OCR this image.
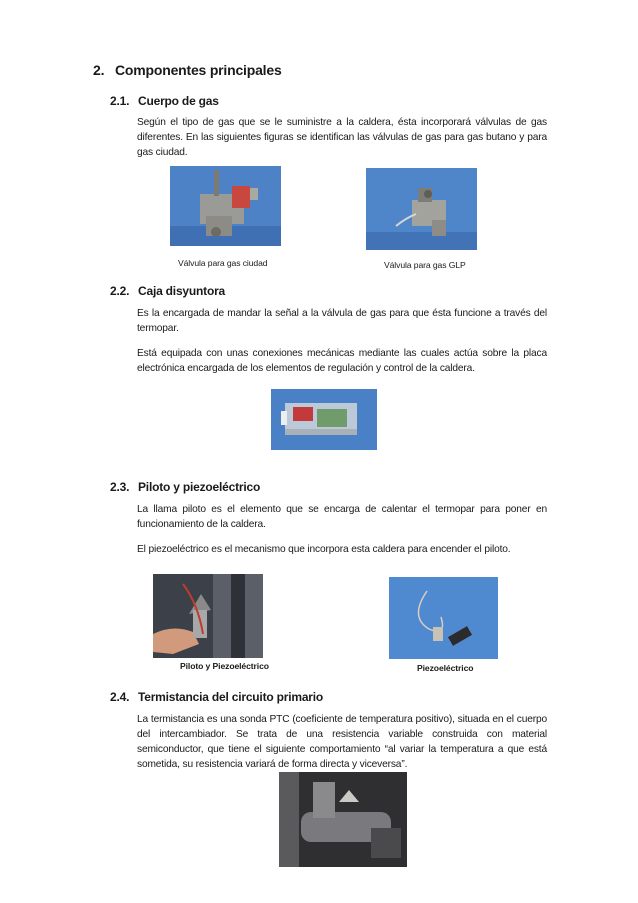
2. Componentes principales
2.1. Cuerpo de gas
Según el tipo de gas que se le suministre a la caldera, ésta incorporará válvulas de gas diferentes. En las siguientes figuras se identifican las válvulas de gas para gas butano y para gas ciudad.
Válvula para gas ciudad	Válvula para gas GLP
2.2. Caja disyuntora
Es la encargada de mandar la señal a la válvula de gas para que ésta funcione a través del termopar.
Está equipada con unas conexiones mecánicas mediante las cuales actúa sobre la placa electrónica encargada de los elementos de regulación y control de la caldera.
2.3. Piloto y piezoeléctrico
La llama piloto es el elemento que se encarga de calentar el termopar para poner en funcionamiento de la caldera.
El piezoeléctrico es el mecanismo que incorpora esta caldera para encender el piloto.
Piloto y Piezoeléctrico	Piezoeléctrico
2.4. Termistancia del circuito primario
La termistancia es una sonda PTC (coeficiente de temperatura positivo), situada en el cuerpo del intercambiador. Se trata de una resistencia variable construida con material semiconductor, que tiene el siguiente comportamiento “al variar la temperatura a que está sometida, su resistencia variará de forma directa y viceversa”.
